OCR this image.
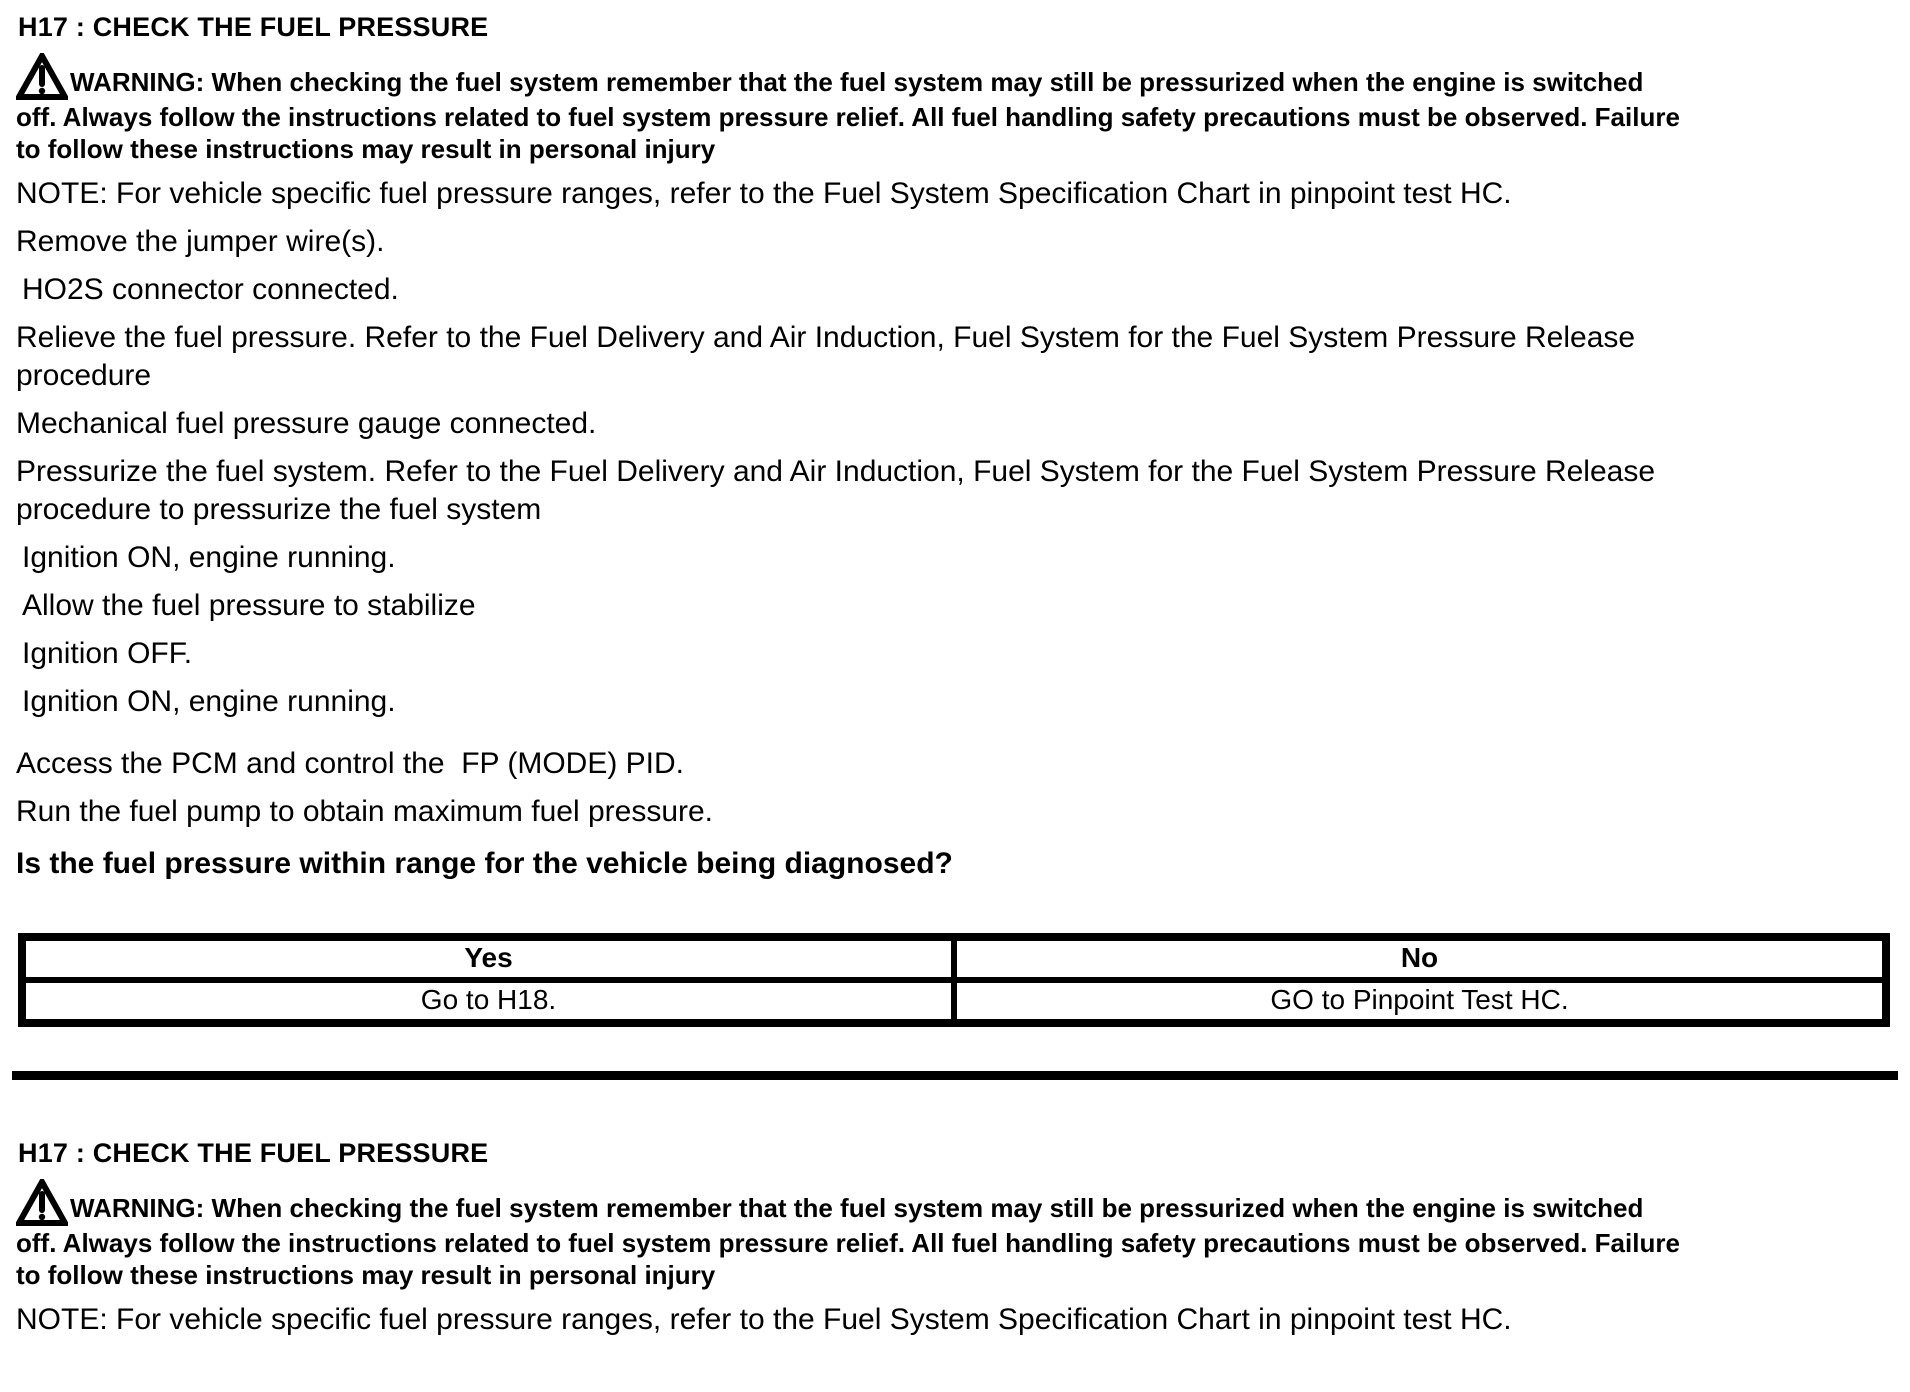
H17 : CHECK THE FUEL PRESSURE
WARNING: When checking the fuel system remember that the fuel system may still be pressurized when the engine is switched
off. Always follow the instructions related to fuel system pressure relief. All fuel handling safety precautions must be observed. Failure
to follow these instructions may result in personal injury

NOTE: For vehicle specific fuel pressure ranges, refer to the Fuel System Specification Chart in pinpoint test HC.

Remove the jumper wire(s).

HO2S connector connected.

Relieve the fuel pressure. Refer to the Fuel Delivery and Air Induction, Fuel System for the Fuel System Pressure Release
procedure

Mechanical fuel pressure gauge connected.

Pressurize the fuel system. Refer to the Fuel Delivery and Air Induction, Fuel System for the Fuel System Pressure Release
procedure to pressurize the fuel system

Ignition ON, engine running.

Allow the fuel pressure to stabilize

Ignition OFF.

Ignition ON, engine running.

Access the PCM and control the  FP (MODE) PID.

Run the fuel pump to obtain maximum fuel pressure.

Is the fuel pressure within range for the vehicle being diagnosed?

Yes	No
Go to H18.	GO to Pinpoint Test HC.
H17 : CHECK THE FUEL PRESSURE
WARNING: When checking the fuel system remember that the fuel system may still be pressurized when the engine is switched
off. Always follow the instructions related to fuel system pressure relief. All fuel handling safety precautions must be observed. Failure
to follow these instructions may result in personal injury

NOTE: For vehicle specific fuel pressure ranges, refer to the Fuel System Specification Chart in pinpoint test HC.
